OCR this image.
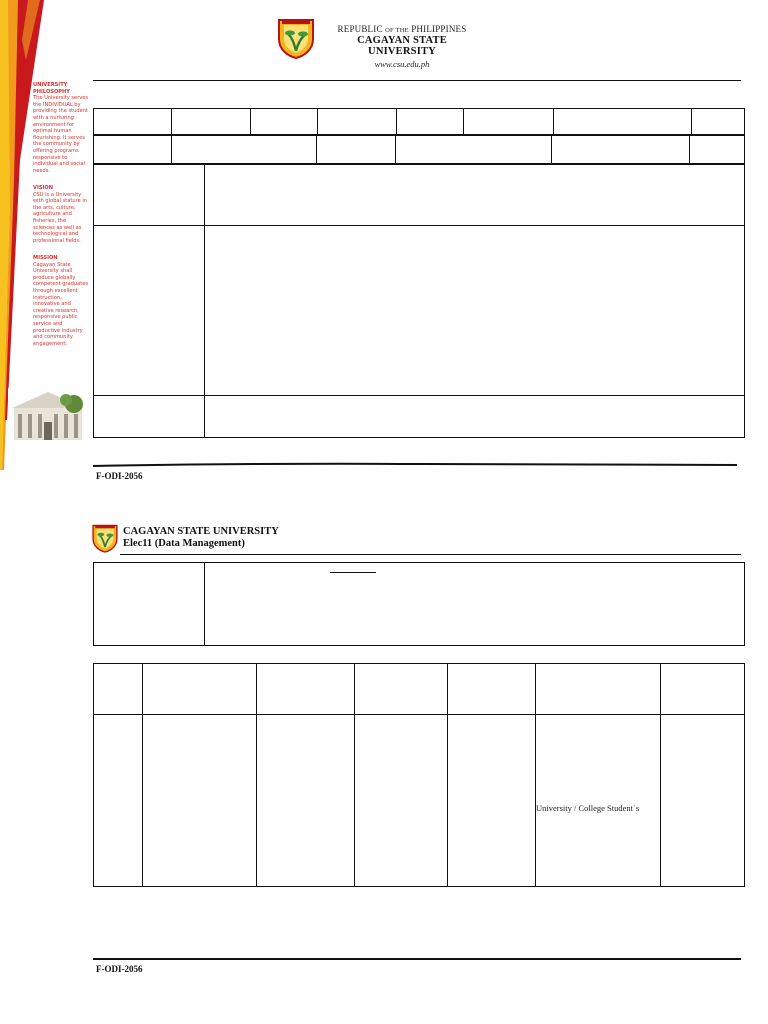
UNIVERSITY PHILOSOPHY

The University serves the INDIVIDUAL by providing the student with a nurturing environment for optimal human flourishing. It serves the community by offering programs responsive to individual and social needs.

VISION

CSU is a University with global stature in the arts, culture, agriculture and fisheries, the sciences as well as technological and professional fields.

MISSION

Cagayan State University shall produce globally competent graduates through excellent instruction, innovative and creative research, responsive public service and productive industry and community engagement.

REPUBLIC OF THE PHILIPPINES
CAGAYAN STATE UNIVERSITY
www.csu.edu.ph

F-ODI-2056
CAGAYAN STATE UNIVERSITY
Elec11 (Data Management)

University / College Student`s
F-ODI-2056
